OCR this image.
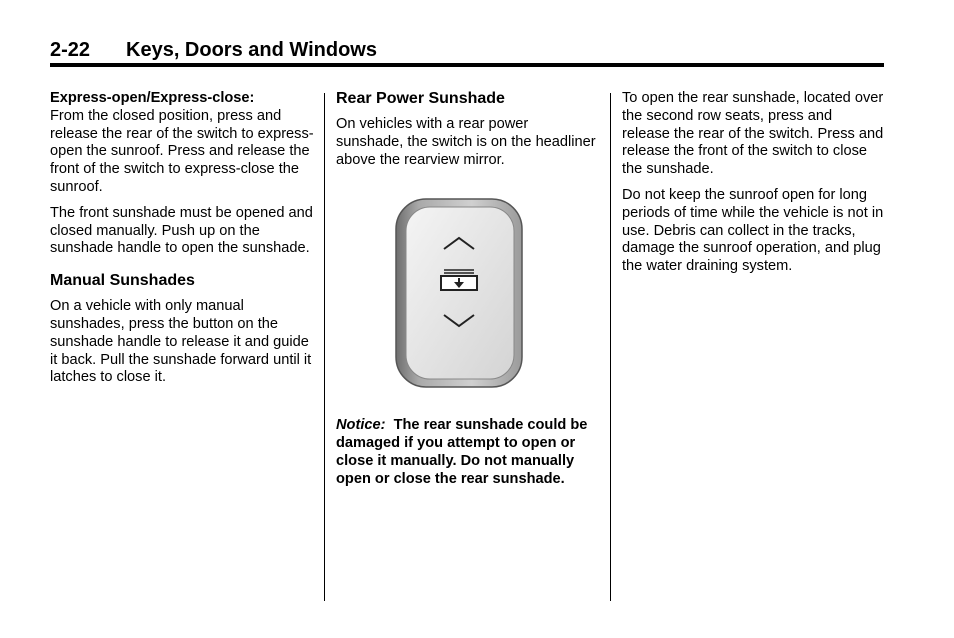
2-22 Keys, Doors and Windows

Express-open/Express-close:
From the closed position, press and release the rear of the switch to express-open the sunroof. Press and release the front of the switch to express-close the sunroof.

The front sunshade must be opened and closed manually. Push up on the sunshade handle to open the sunshade.

Manual Sunshades

On a vehicle with only manual sunshades, press the button on the sunshade handle to release it and guide it back. Pull the sunshade forward until it latches to close it.

Rear Power Sunshade

On vehicles with a rear power sunshade, the switch is on the headliner above the rearview mirror.

Notice: The rear sunshade could be damaged if you attempt to open or close it manually. Do not manually open or close the rear sunshade.

To open the rear sunshade, located over the second row seats, press and release the rear of the switch. Press and release the front of the switch to close the sunshade.

Do not keep the sunroof open for long periods of time while the vehicle is not in use. Debris can collect in the tracks, damage the sunroof operation, and plug the water draining system.
